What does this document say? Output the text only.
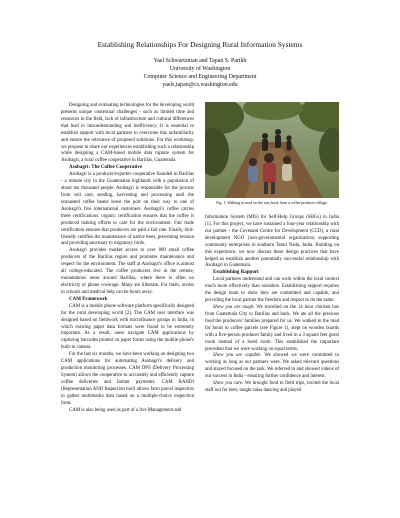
Establishing Relationships For Designing Rural Information Systems
Yael Schwartzman and Tapan S. Parikh
University of Washington
Computer Science and Engineering Department
yaels,tapan@cs.washington.edu

Designing and evaluating technologies for the developing world presents unique contextual challenges - such as limited time and resources in the field, lack of infrastructure and cultural differences that lead to misunderstanding and inefficiency. It is essential to establish rapport with local partners to overcome this unfamiliarity and ensure the relevance of proposed solutions. For this workshop, we propose to share our experiences establishing such a relationship while designing a CAM-based mobile data capture system for Asobagri, a rural coffee cooperative in Barillas, Guatemala.

Asobagri: The Coffee Cooperative

Asobagri is a producer/exporter cooperative founded in Barillas - a remote city in the Guatemalan highlands with a population of about ten thousand people. Asobagri is responsible for the process from soil care, seeding, harvesting and processing until the unroasted coffee beans leave the port on their way to one of Asobagri's five international customers. Asobagri's coffee carries three certifications: organic certification ensures that the coffee is produced making efforts to care for the environment. Fair trade certification ensures that producers are paid a fair rate. Finally, bird-friendly certifies the maintenance of native trees, preventing erosion and providing sanctuary to migratory birds.

Asobagri provides market access to over 800 small coffee producers of the Barillas region and promotes maintenance and respect for the environment. The staff at Asobagri's office is almost all college-educated. The coffee producers live in the remote, mountainous areas around Barillas, where there is often no electricity or phone coverage. Many are illiterate. For them, access to schools and medical help can be hours away.

CAM Framework

CAM is a mobile phone software platform specifically designed for the rural developing world [2]. The CAM user interface was designed based on fieldwork with microfinance groups in India, in which existing paper data formats were found to be extremely important. As a result, users navigate CAM applications by capturing barcodes printed on paper forms using the mobile phone's built-in camera.

For the last six months, we have been working on designing two CAM applications for automating Asobagri's delivery and production monitoring processes. CAM DPS (Delivery Processing System) allows the cooperative to accurately and efficiently capture coffee deliveries and farmer payments. CAM RANDI (Representation AND Inspection tool) allows farm parcel inspectors to gather multimedia data based on a multiple-choice inspection form.

CAM is also being used as part of a live Management and

Fig. 1. Walking in mud on the way back from a coffee producer village.

Information System (MIS) for Self-Help Groups (SHGs) in India [1]. For this project, we have sustained a four-year relationship with our partner - the Covenant Centre for Development (CCD), a rural development NGO (non-governmental organization) supporting community enterprises in southern Tamil Nadu, India. Building on this experience, we now discuss these design practices that have helped us establish another potentially successful relationship with Asobagri in Guatemala.

Establishing Rapport

Local partners understand and can work within the local context much more effectively than outsiders. Establishing rapport requires the design team to show they are committed and capable, and providing the local partner the freedom and respect to do the same.

Show you are tough. We travelled on the 14 hour chicken bus from Guatemala City to Barillas and back. We ate all the precious food the producers' families prepared for us. We walked in the mud for hours to coffee parcels (see Figure 1), slept on wooden boards with a five-person producer family and lived in a 3 square feet guest room instead of a hotel room. This established the important precedent that we were working on equal terms.

Show you are capable. We showed we were committed to working as long as our partners were. We asked relevant questions and stayed focused on the task. We referred to and showed videos of our success in India - ensuring further confidence and interest.

Show you care. We brought food to field trips, invited the local staff out for beer, taught salsa dancing and played
